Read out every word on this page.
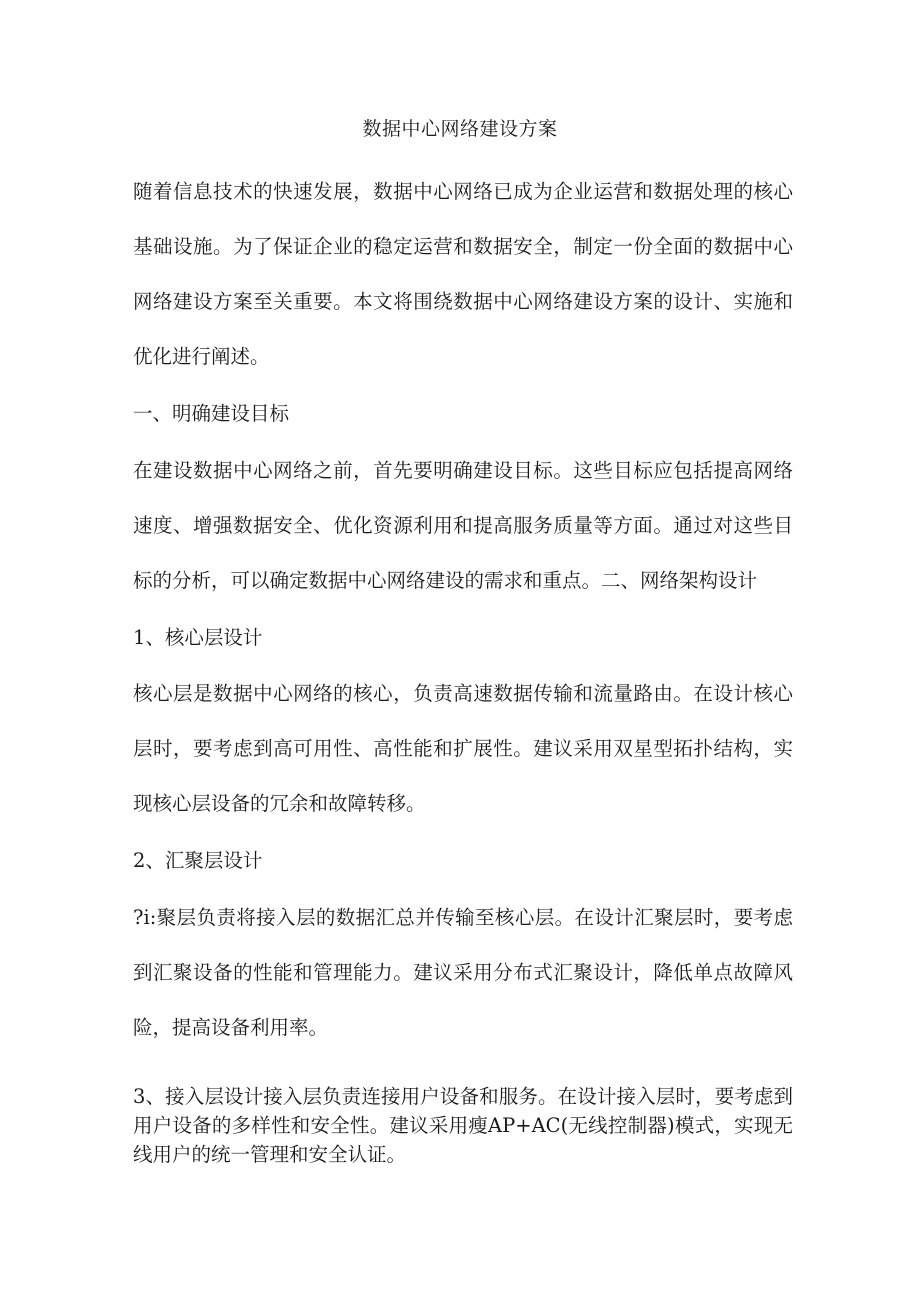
数据中心网络建设方案
随着信息技术的快速发展，数据中心网络已成为企业运营和数据处理的核心基础设施。为了保证企业的稳定运营和数据安全，制定一份全面的数据中心网络建设方案至关重要。本文将围绕数据中心网络建设方案的设计、实施和优化进行阐述。
一、明确建设目标
在建设数据中心网络之前，首先要明确建设目标。这些目标应包括提高网络速度、增强数据安全、优化资源利用和提高服务质量等方面。通过对这些目标的分析，可以确定数据中心网络建设的需求和重点。二、网络架构设计
1、核心层设计
核心层是数据中心网络的核心，负责高速数据传输和流量路由。在设计核心层时，要考虑到高可用性、高性能和扩展性。建议采用双星型拓扑结构，实现核心层设备的冗余和故障转移。
2、汇聚层设计
?i:聚层负责将接入层的数据汇总并传输至核心层。在设计汇聚层时，要考虑到汇聚设备的性能和管理能力。建议采用分布式汇聚设计，降低单点故障风险，提高设备利用率。
3、接入层设计接入层负责连接用户设备和服务。在设计接入层时，要考虑到用户设备的多样性和安全性。建议采用瘦AP+AC(无线控制器)模式，实现无线用户的统一管理和安全认证。
